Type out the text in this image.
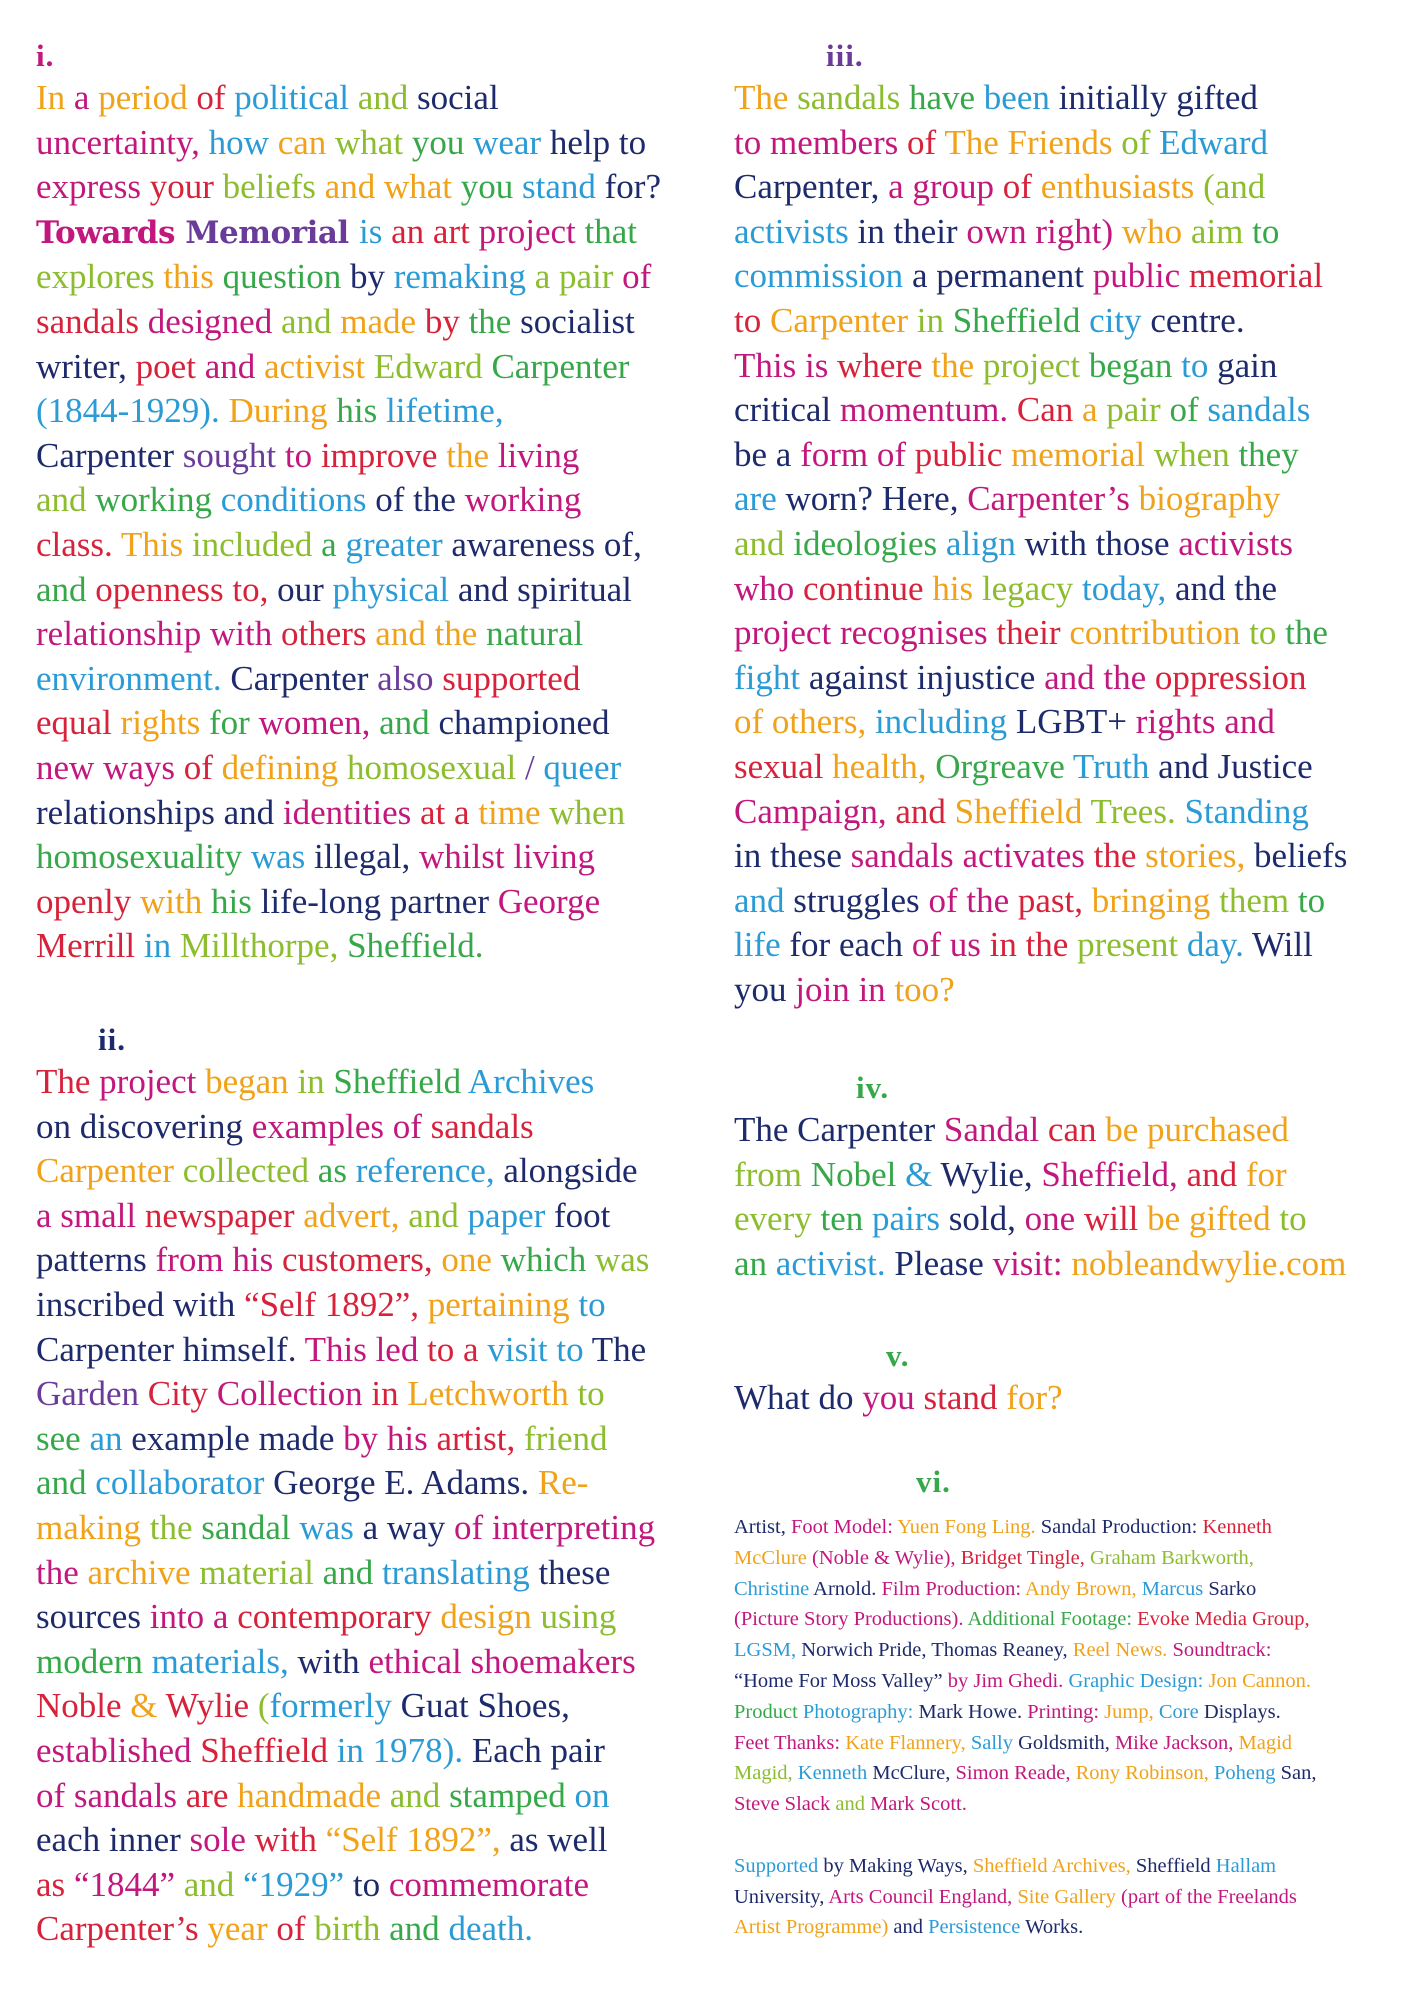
i.
In a period of political and social
uncertainty, how can what you wear help to
express your beliefs and what you stand for?
Towards Memorial is an art project that
explores this question by remaking a pair of
sandals designed and made by the socialist
writer, poet and activist Edward Carpenter
(1844-1929). During his lifetime,
Carpenter sought to improve the living
and working conditions of the working
class. This included a greater awareness of,
and openness to, our physical and spiritual
relationship with others and the natural
environment. Carpenter also supported
equal rights for women, and championed
new ways of defining homosexual / queer
relationships and identities at a time when
homosexuality was illegal, whilst living
openly with his life-long partner George
Merrill in Millthorpe, Sheffield.
ii.
The project began in Sheffield Archives
on discovering examples of sandals
Carpenter collected as reference, alongside
a small newspaper advert, and paper foot
patterns from his customers, one which was
inscribed with “Self 1892”, pertaining to
Carpenter himself. This led to a visit to The
Garden City Collection in Letchworth to
see an example made by his artist, friend
and collaborator George E. Adams. Re-
making the sandal was a way of interpreting
the archive material and translating these
sources into a contemporary design using
modern materials, with ethical shoemakers
Noble & Wylie (formerly Guat Shoes,
established Sheffield in 1978). Each pair
of sandals are handmade and stamped on
each inner sole with “Self 1892”, as well
as “1844” and “1929” to commemorate
Carpenter’s year of birth and death.
iii.
The sandals have been initially gifted
to members of The Friends of Edward
Carpenter, a group of enthusiasts (and
activists in their own right) who aim to
commission a permanent public memorial
to Carpenter in Sheffield city centre.
This is where the project began to gain
critical momentum. Can a pair of sandals
be a form of public memorial when they
are worn? Here, Carpenter’s biography
and ideologies align with those activists
who continue his legacy today, and the
project recognises their contribution to the
fight against injustice and the oppression
of others, including LGBT+ rights and
sexual health, Orgreave Truth and Justice
Campaign, and Sheffield Trees. Standing
in these sandals activates the stories, beliefs
and struggles of the past, bringing them to
life for each of us in the present day. Will
you join in too?
iv.
The Carpenter Sandal can be purchased
from Nobel & Wylie, Sheffield, and for
every ten pairs sold, one will be gifted to
an activist. Please visit: nobleandwylie.com
v.
What do you stand for?
vi.
Artist, Foot Model: Yuen Fong Ling. Sandal Production: Kenneth
McClure (Noble & Wylie), Bridget Tingle, Graham Barkworth,
Christine Arnold. Film Production: Andy Brown, Marcus Sarko
(Picture Story Productions). Additional Footage: Evoke Media Group,
LGSM, Norwich Pride, Thomas Reaney, Reel News. Soundtrack:
“Home For Moss Valley” by Jim Ghedi. Graphic Design: Jon Cannon.
Product Photography: Mark Howe. Printing: Jump, Core Displays.
Feet Thanks: Kate Flannery, Sally Goldsmith, Mike Jackson, Magid
Magid, Kenneth McClure, Simon Reade, Rony Robinson, Poheng San,
Steve Slack and Mark Scott.

Supported by Making Ways, Sheffield Archives, Sheffield Hallam
University, Arts Council England, Site Gallery (part of the Freelands
Artist Programme) and Persistence Works.
